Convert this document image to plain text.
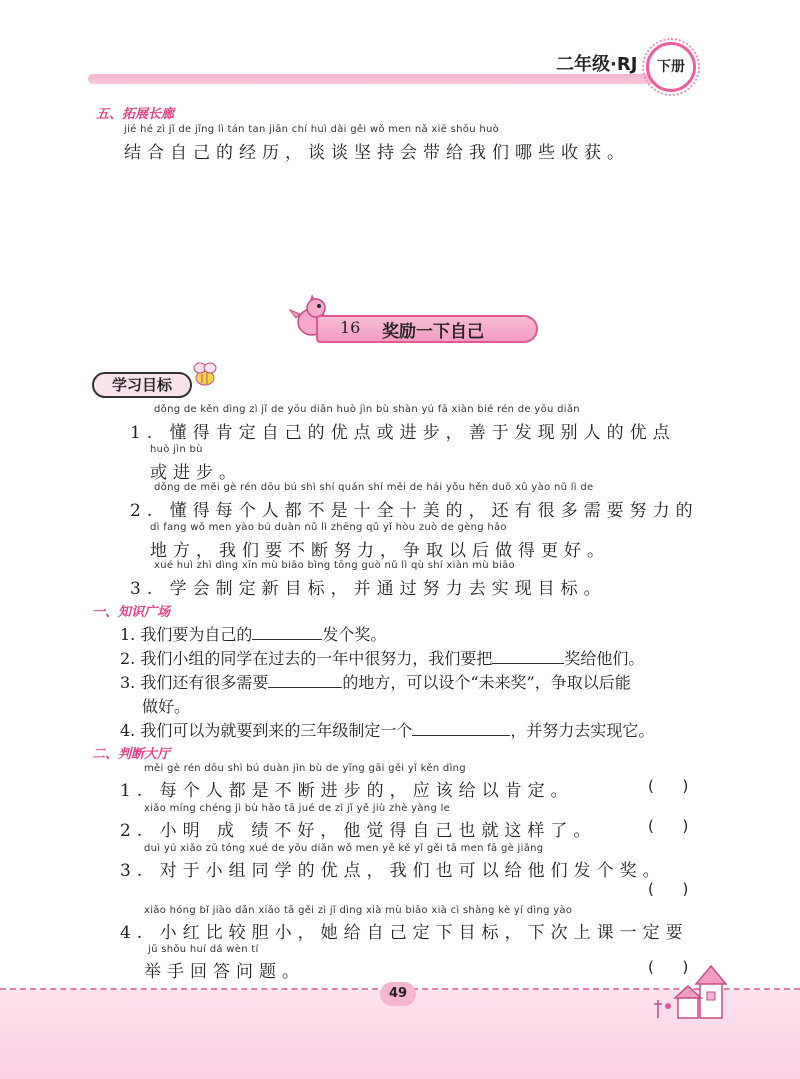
二年级·RJ	下册
五、拓展长廊
jié hé zì jǐ de jīng lì tán tan jiān chí huì dài gěi wǒ men nǎ xiē shōu huò
结合自己的经历，谈谈坚持会带给我们哪些收获。
16 奖励一下自己
学习目标
dǒng de kěn dìng zì jǐ de yōu diǎn huò jìn bù shàn yú fā xiàn bié rén de yōu diǎn
1. 懂得肯定自己的优点或进步，善于发现别人的优点
huò jìn bù
或进步。
dǒng de měi gè rén dōu bú shì shí quán shí měi de hái yǒu hěn duō xū yào nǔ lì de
2. 懂得每个人都不是十全十美的，还有很多需要努力的
dì fang wǒ men yào bú duàn nǔ lì zhēng qǔ yǐ hòu zuò de gèng hǎo
地方，我们要不断努力，争取以后做得更好。
xué huì zhì dìng xīn mù biāo bìng tōng guò nǔ lì qù shí xiàn mù biāo
3. 学会制定新目标，并通过努力去实现目标。
一、知识广场
1. 我们要为自己的	发个奖。
2. 我们小组的同学在过去的一年中很努力，我们要把	奖给他们。
3. 我们还有很多需要	的地方，可以设个“未来奖”，争取以后能
做好。
4. 我们可以为就要到来的三年级制定一个	，并努力去实现它。
二、判断大厅
měi gè rén dōu shì bú duàn jìn bù de yīng gāi gěi yǐ kěn dìng
1. 每个人都是不断进步的，应该给以肯定。	(      )
xiǎo míng chéng jì bù hǎo tā jué de zì jǐ yě jiù zhè yàng le
2. 小明 成 绩不好，他觉得自己也就这样了。	(      )
duì yú xiǎo zǔ tóng xué de yōu diǎn wǒ men yě kě yǐ gěi tā men fā gè jiǎng
3. 对于小组同学的优点，我们也可以给他们发个奖。
(      )
xiǎo hóng bǐ jiào dǎn xiǎo tā gěi zì jǐ dìng xià mù biāo xià cì shàng kè yí dìng yào
4. 小红比较胆小，她给自己定下目标，下次上课一定要
jǔ shǒu huí dá wèn tí
举手回答问题。	(      )
49
